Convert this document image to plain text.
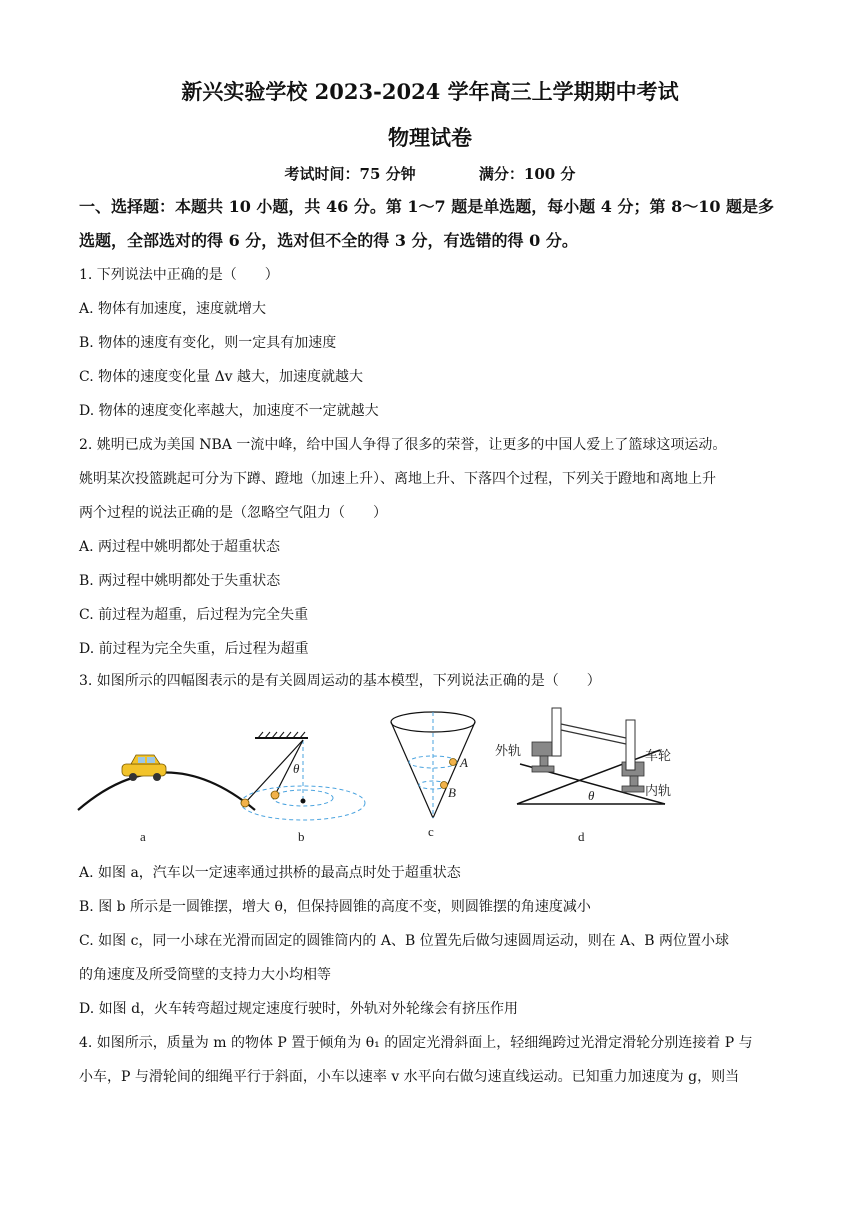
新兴实验学校 2023-2024 学年高三上学期期中考试
物理试卷
考试时间：75 分钟	满分：100 分
一、选择题：本题共 10 小题，共 46 分。第 1～7 题是单选题，每小题 4 分；第 8～10 题是多
选题，全部选对的得 6 分，选对但不全的得 3 分，有选错的得 0 分。
1. 下列说法中正确的是（　　）
A. 物体有加速度，速度就增大
B. 物体的速度有变化，则一定具有加速度
C. 物体的速度变化量 Δv 越大，加速度就越大
D. 物体的速度变化率越大，加速度不一定就越大
2. 姚明已成为美国 NBA 一流中峰，给中国人争得了很多的荣誉，让更多的中国人爱上了篮球这项运动。
姚明某次投篮跳起可分为下蹲、蹬地（加速上升）、离地上升、下落四个过程，下列关于蹬地和离地上升
两个过程的说法正确的是（忽略空气阻力（　　）
A. 两过程中姚明都处于超重状态
B. 两过程中姚明都处于失重状态
C. 前过程为超重，后过程为完全失重
D. 前过程为完全失重，后过程为超重
3. 如图所示的四幅图表示的是有关圆周运动的基本模型，下列说法正确的是（　　）
a
θ
b
A
B
c
θ
外轨	车轮
内轨
d
A. 如图 a，汽车以一定速率通过拱桥的最高点时处于超重状态
B. 图 b 所示是一圆锥摆，增大 θ，但保持圆锥的高度不变，则圆锥摆的角速度减小
C. 如图 c，同一小球在光滑而固定的圆锥筒内的 A、B 位置先后做匀速圆周运动，则在 A、B 两位置小球
的角速度及所受筒壁的支持力大小均相等
D. 如图 d，火车转弯超过规定速度行驶时，外轨对外轮缘会有挤压作用
4. 如图所示，质量为 m 的物体 P 置于倾角为 θ₁ 的固定光滑斜面上，轻细绳跨过光滑定滑轮分别连接着 P 与
小车，P 与滑轮间的细绳平行于斜面，小车以速率 v 水平向右做匀速直线运动。已知重力加速度为 g，则当
